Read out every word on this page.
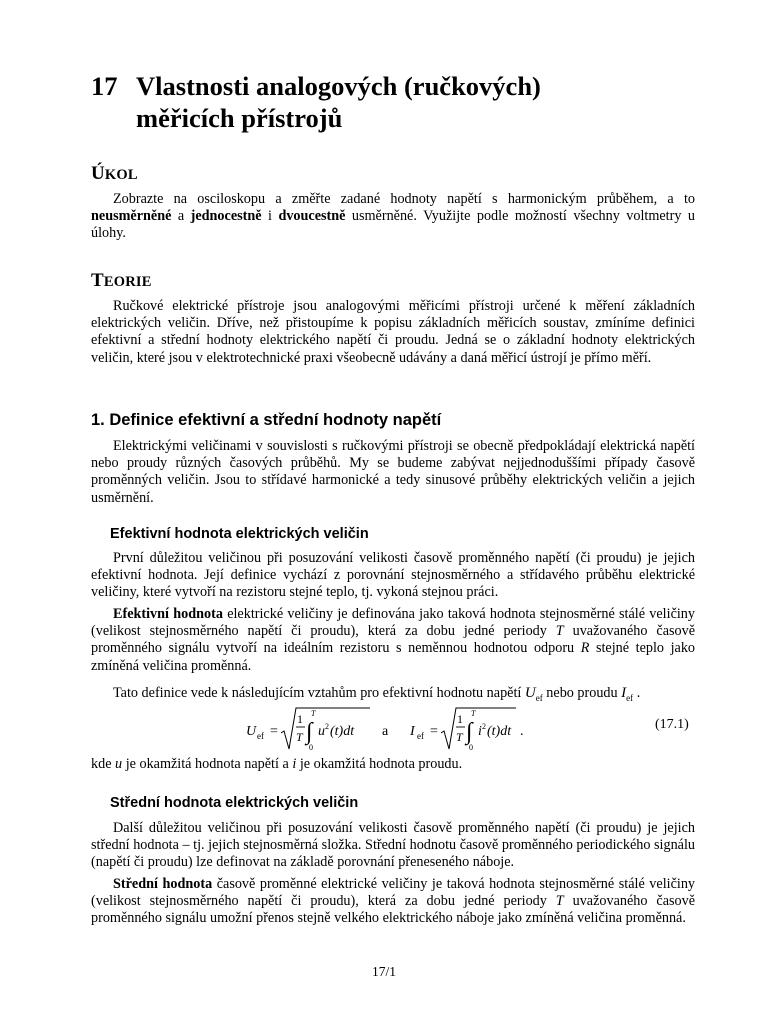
17 Vlastnosti analogových (ručkových)
měřicích přístrojů
ÚKOL
Zobrazte na osciloskopu a změřte zadané hodnoty napětí s harmonickým průběhem, a to neusměrněné a jednocestně i dvoucestně usměrněné. Využijte podle možností všechny voltmetry u úlohy.
TEORIE
Ručkové elektrické přístroje jsou analogovými měřicími přístroji určené k měření základních elektrických veličin. Dříve, než přistoupíme k popisu základních měřicích soustav, zmíníme definici efektivní a střední hodnoty elektrického napětí či proudu. Jedná se o základní hodnoty elektrických veličin, které jsou v elektrotechnické praxi všeobecně udávány a daná měřicí ústrojí je přímo měří.
1. Definice efektivní a střední hodnoty napětí
Elektrickými veličinami v souvislosti s ručkovými přístroji se obecně předpokládají elektrická napětí nebo proudy různých časových průběhů. My se budeme zabývat nejjednoduššími případy časově proměnných veličin. Jsou to střídavé harmonické a tedy sinusové průběhy elektrických veličin a jejich usměrnění.
Efektivní hodnota elektrických veličin
První důležitou veličinou při posuzování velikosti časově proměnného napětí (či proudu) je jejich efektivní hodnota. Její definice vychází z porovnání stejnosměrného a střídavého průběhu elektrické veličiny, které vytvoří na rezistoru stejné teplo, tj. vykoná stejnou práci.
Efektivní hodnota elektrické veličiny je definována jako taková hodnota stejnosměrné stálé veličiny (velikost stejnosměrného napětí či proudu), která za dobu jedné periody T uvažovaného časově proměnného signálu vytvoří na ideálním rezistoru s neměnnou hodnotou odporu R stejné teplo jako zmíněná veličina proměnná.
Tato definice vede k následujícím vztahům pro efektivní hodnotu napětí $U_{ef}$ nebo proudu $I_{ef}$ .
U ef =
1
T ∫
T
0
u 2 (t)dt a I ef =
1
T ∫
T
0
i 2 (t)dt .	(17.1)
kde u je okamžitá hodnota napětí a i je okamžitá hodnota proudu.
Střední hodnota elektrických veličin
Další důležitou veličinou při posuzování velikosti časově proměnného napětí (či proudu) je jejich střední hodnota – tj. jejich stejnosměrná složka. Střední hodnotu časově proměnného periodického signálu (napětí či proudu) lze definovat na základě porovnání přeneseného náboje.
Střední hodnota časově proměnné elektrické veličiny je taková hodnota stejnosměrné stálé veličiny (velikost stejnosměrného napětí či proudu), která za dobu jedné periody T uvažovaného časově proměnného signálu umožní přenos stejně velkého elektrického náboje jako zmíněná veličina proměnná.
17/1
